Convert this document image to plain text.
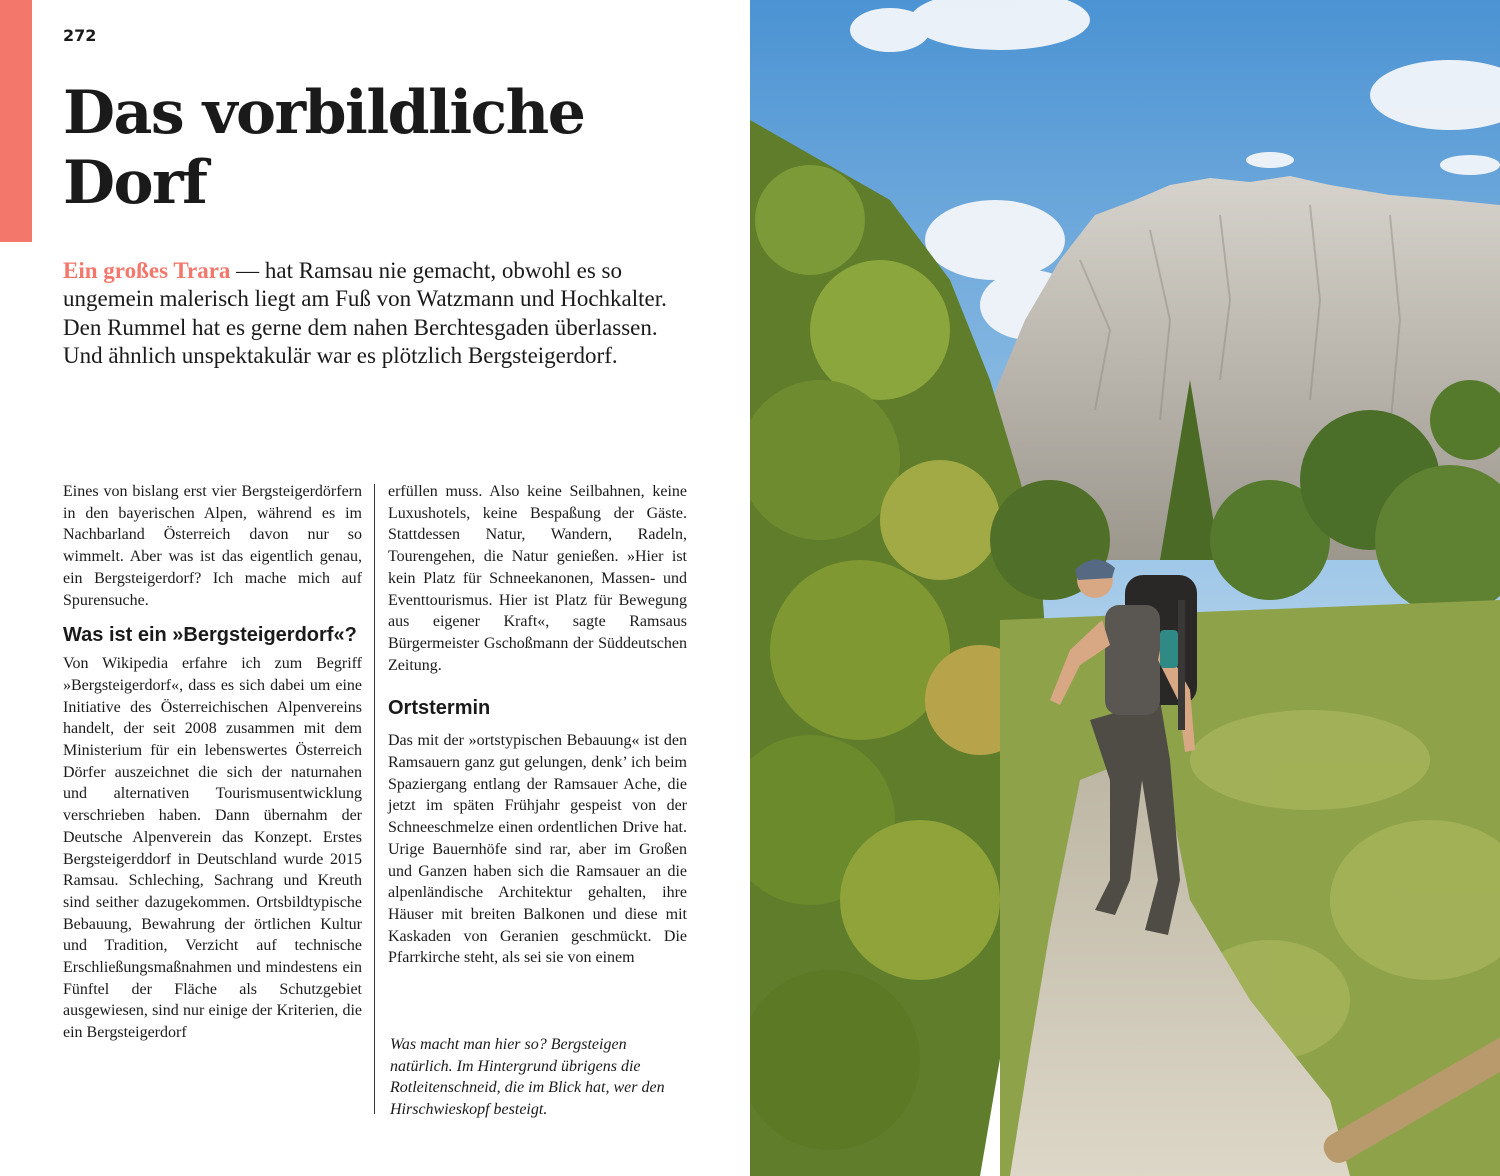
272
Das vorbildliche Dorf

Ein großes Trara — hat Ramsau nie gemacht, obwohl es so ungemein malerisch liegt am Fuß von Watzmann und Hochkalter. Den Rummel hat es gerne dem nahen Berchtesgaden überlassen. Und ähnlich unspektakulär war es plötzlich Bergsteigerdorf.

Eines von bislang erst vier Bergsteigerdörfern in den bayerischen Alpen, während es im Nachbarland Österreich davon nur so wimmelt. Aber was ist das eigentlich genau, ein Bergsteigerdorf? Ich mache mich auf Spurensuche.

Was ist ein »Bergsteigerdorf«?

Von Wikipedia erfahre ich zum Begriff »Bergsteigerdorf«, dass es sich dabei um eine Initiative des Österreichischen Alpenvereins handelt, der seit 2008 zusammen mit dem Ministerium für ein lebenswertes Österreich Dörfer auszeichnet die sich der naturnahen und alternativen Tourismusentwicklung verschrieben haben. Dann übernahm der Deutsche Alpenverein das Konzept. Erstes Bergsteigerddorf in Deutschland wurde 2015 Ramsau. Schleching, Sachrang und Kreuth sind seither dazugekommen. Ortsbildtypische Bebauung, Bewahrung der örtlichen Kultur und Tradition, Verzicht auf technische Erschließungsmaßnahmen und mindestens ein Fünftel der Fläche als Schutzgebiet ausgewiesen, sind nur einige der Kriterien, die ein Bergsteigerdorf

erfüllen muss. Also keine Seilbahnen, keine Luxushotels, keine Bespaßung der Gäste. Stattdessen Natur, Wandern, Radeln, Tourengehen, die Natur genießen. »Hier ist kein Platz für Schneekanonen, Massen- und Eventtourismus. Hier ist Platz für Bewegung aus eigener Kraft«, sagte Ramsaus Bürgermeister Gschoßmann der Süddeutschen Zeitung.

Ortstermin

Das mit der »ortstypischen Bebauung« ist den Ramsauern ganz gut gelungen, denk’ ich beim Spaziergang entlang der Ramsauer Ache, die jetzt im späten Frühjahr gespeist von der Schneeschmelze einen ordentlichen Drive hat. Urige Bauernhöfe sind rar, aber im Großen und Ganzen haben sich die Ramsauer an die alpenländische Architektur gehalten, ihre Häuser mit breiten Balkonen und diese mit Kaskaden von Geranien geschmückt. Die Pfarrkirche steht, als sei sie von einem

Was macht man hier so? Bergsteigen natürlich. Im Hintergrund übrigens die Rotleitenschneid, die im Blick hat, wer den Hirschwieskopf besteigt.
